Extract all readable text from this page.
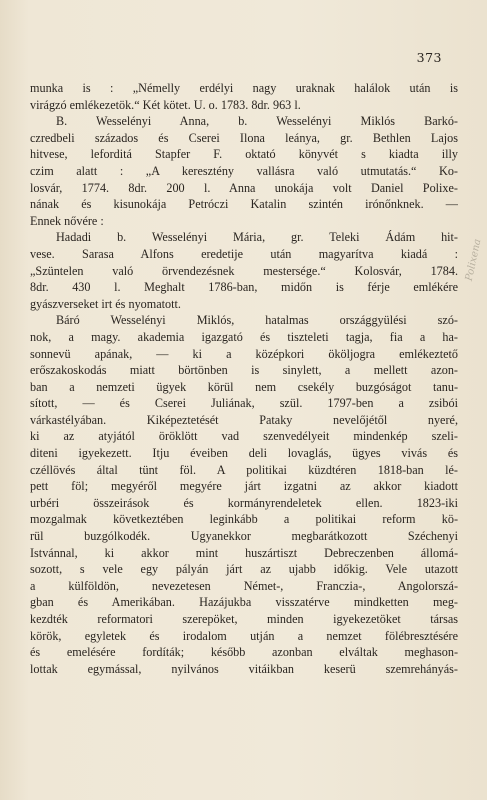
373
munka is : „Némelly erdélyi nagy uraknak halálok után is
virágzó emlékezetök.“ Két kötet. U. o. 1783. 8dr. 963 l.
B. Wesselényi Anna, b. Wesselényi Miklós Barkó-
czredbeli százados és Cserei Ilona leánya, gr. Bethlen Lajos
hitvese, leforditá Stapfer F. oktató könyvét s kiadta illy
czim alatt : „A keresztény vallásra való utmutatás.“ Ko-
losvár, 1774. 8dr. 200 l. Anna unokája volt Daniel Polixe-
nának és kisunokája Petróczi Katalin szintén irónőnknek. —
Ennek nővére :
Hadadi b. Wesselényi Mária, gr. Teleki Ádám hit-
vese. Sarasa Alfons eredetije után magyarítva kiadá :
„Szüntelen való örvendezésnek mestersége.“ Kolosvár, 1784.
8dr. 430 l. Meghalt 1786-ban, midőn is férje emlékére
gyászverseket irt és nyomatott.
Báró Wesselényi Miklós, hatalmas országgyülési szó-
nok, a magy. akademia igazgató és tiszteleti tagja, fia a ha-
sonnevü apának, — ki a középkori ököljogra emlékeztető
erőszakoskodás miatt börtönben is sinylett, a mellett azon-
ban a nemzeti ügyek körül nem csekély buzgóságot tanu-
sított, — és Cserei Juliának, szül. 1797-ben a zsibói
várkastélyában. Kiképeztetését Pataky nevelőjétől nyeré,
ki az atyjától öröklött vad szenvedélyeit mindenkép szeli-
diteni igyekezett. Itju éveiben deli lovaglás, ügyes vivás és
czéllövés által tünt föl. A politikai küzdtéren 1818-ban lé-
pett föl; megyéről megyére járt izgatni az akkor kiadott
urbéri összeirások és kormányrendeletek ellen. 1823-iki
mozgalmak következtében leginkább a politikai reform kö-
rül buzgólkodék. Ugyanekkor megbarátkozott Széchenyi
Istvánnal, ki akkor mint huszártiszt Debreczenben állomá-
sozott, s vele egy pályán járt az ujabb időkig. Vele utazott
a külföldön, nevezetesen Német-, Franczia-, Angolorszá-
gban és Amerikában. Hazájukba visszatérve mindketten meg-
kezdték reformatori szerepöket, minden igyekezetöket társas
körök, egyletek és irodalom utján a nemzet fölébresztésére
és emelésére fordíták; később azonban elváltak meghason-
lottak egymással, nyilvános vitáikban keserü szemrehányás-
Polixena
